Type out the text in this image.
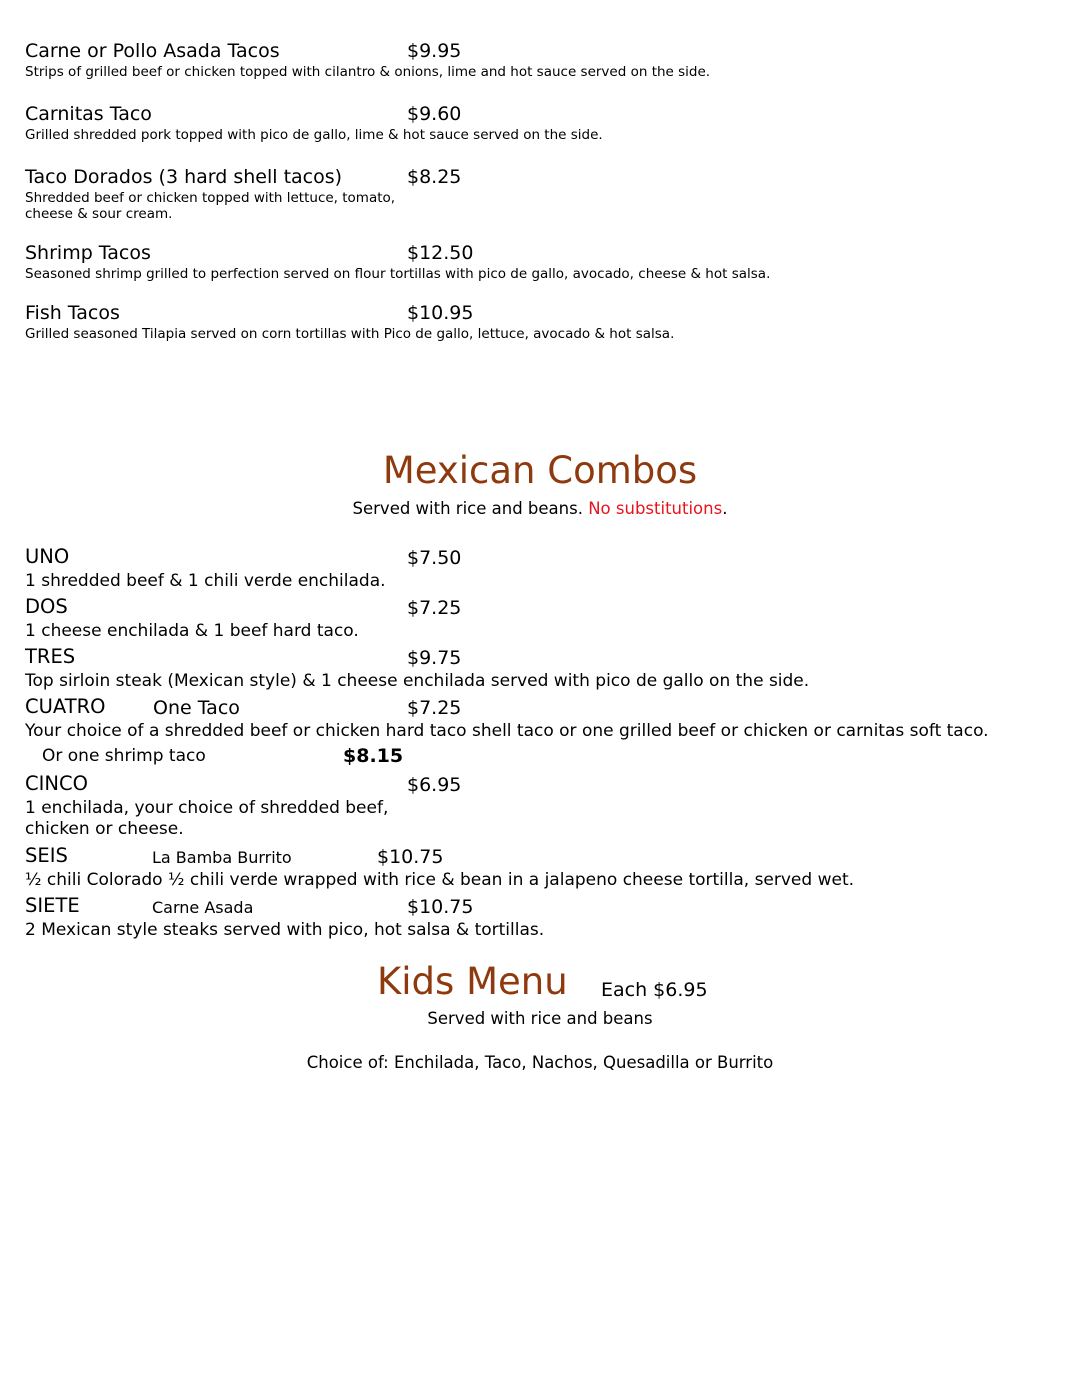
Carne or Pollo Asada Tacos	$9.95
Strips of grilled beef or chicken topped with cilantro & onions, lime and hot sauce served on the side.
Carnitas Taco	$9.60
Grilled shredded pork topped with pico de gallo, lime & hot sauce served on the side.
Taco Dorados (3 hard shell tacos)	$8.25
Shredded beef or chicken topped with lettuce, tomato,
cheese & sour cream.
Shrimp Tacos	$12.50
Seasoned shrimp grilled to perfection served on flour tortillas with pico de gallo, avocado, cheese & hot salsa.
Fish Tacos	$10.95
Grilled seasoned Tilapia served on corn tortillas with Pico de gallo, lettuce, avocado & hot salsa.
Mexican Combos
Served with rice and beans. No substitutions.
UNO	$7.50
1 shredded beef & 1 chili verde enchilada.
DOS	$7.25
1 cheese enchilada & 1 beef hard taco.
TRES	$9.75
Top sirloin steak (Mexican style) & 1 cheese enchilada served with pico de gallo on the side.
CUATRO One Taco	$7.25
Your choice of a shredded beef or chicken hard taco shell taco or one grilled beef or chicken or carnitas soft taco.
Or one shrimp taco	$8.15
CINCO	$6.95
1 enchilada, your choice of shredded beef,
chicken or cheese.
SEIS	La Bamba Burrito	$10.75
½ chili Colorado ½ chili verde wrapped with rice & bean in a jalapeno cheese tortilla, served wet.
SIETE	Carne Asada	$10.75
2 Mexican style steaks served with pico, hot salsa & tortillas.
Kids Menu Each $6.95
Served with rice and beans
Choice of: Enchilada, Taco, Nachos, Quesadilla or Burrito
